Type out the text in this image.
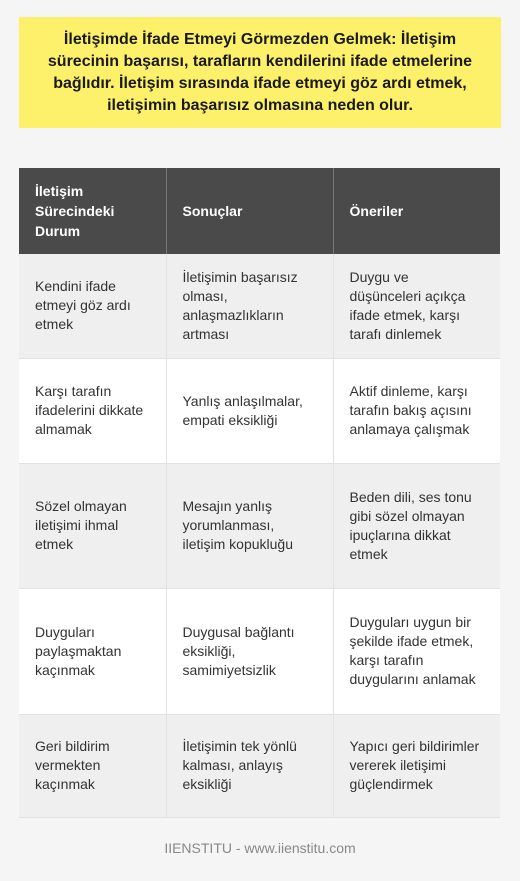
İletişimde İfade Etmeyi Görmezden Gelmek: İletişim sürecinin başarısı, tarafların kendilerini ifade etmelerine bağlıdır. İletişim sırasında ifade etmeyi göz ardı etmek, iletişimin başarısız olmasına neden olur.
İletişim Sürecindeki Durum	Sonuçlar	Öneriler
Kendini ifade etmeyi göz ardı etmek	İletişimin başarısız olması, anlaşmazlıkların artması	Duygu ve düşünceleri açıkça ifade etmek, karşı tarafı dinlemek
Karşı tarafın ifadelerini dikkate almamak	Yanlış anlaşılmalar, empati eksikliği	Aktif dinleme, karşı tarafın bakış açısını anlamaya çalışmak
Sözel olmayan iletişimi ihmal etmek	Mesajın yanlış yorumlanması, iletişim kopukluğu	Beden dili, ses tonu gibi sözel olmayan ipuçlarına dikkat etmek
Duyguları paylaşmaktan kaçınmak	Duygusal bağlantı eksikliği, samimiyetsizlik	Duyguları uygun bir şekilde ifade etmek, karşı tarafın duygularını anlamak
Geri bildirim vermekten kaçınmak	İletişimin tek yönlü kalması, anlayış eksikliği	Yapıcı geri bildirimler vererek iletişimi güçlendirmek
IIENSTITU - www.iienstitu.com
